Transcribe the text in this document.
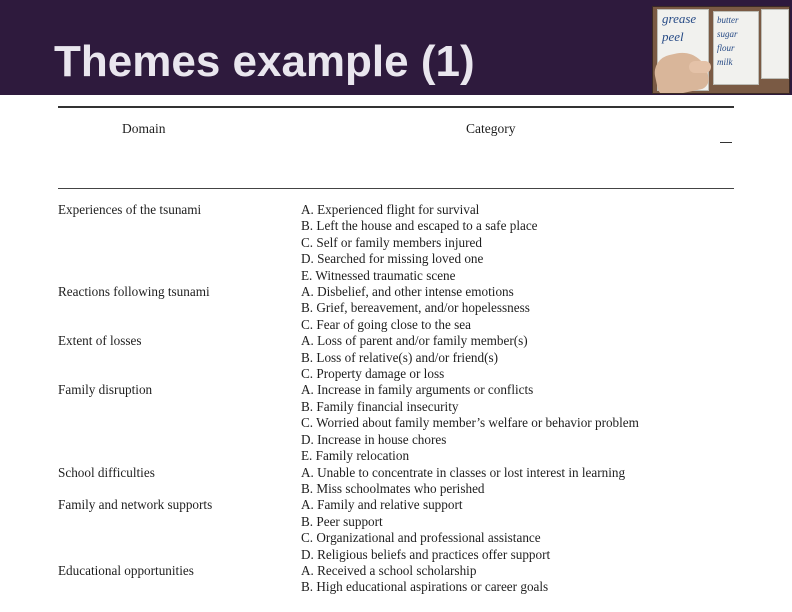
Themes example (1)
grease
peel
butter
sugar
flour
milk
Domain	Category
Experiences of the tsunami	A. Experienced flight for survival
B. Left the house and escaped to a safe place
C. Self or family members injured
D. Searched for missing loved one
E. Witnessed traumatic scene
Reactions following tsunami	A. Disbelief, and other intense emotions
B. Grief, bereavement, and/or hopelessness
C. Fear of going close to the sea
Extent of losses	A. Loss of parent and/or family member(s)
B. Loss of relative(s) and/or friend(s)
C. Property damage or loss
Family disruption	A. Increase in family arguments or conflicts
B. Family financial insecurity
C. Worried about family member’s welfare or behavior problem
D. Increase in house chores
E. Family relocation
School difficulties	A. Unable to concentrate in classes or lost interest in learning
B. Miss schoolmates who perished
Family and network supports	A. Family and relative support
B. Peer support
C. Organizational and professional assistance
D. Religious beliefs and practices offer support
Educational opportunities	A. Received a school scholarship
B. High educational aspirations or career goals
